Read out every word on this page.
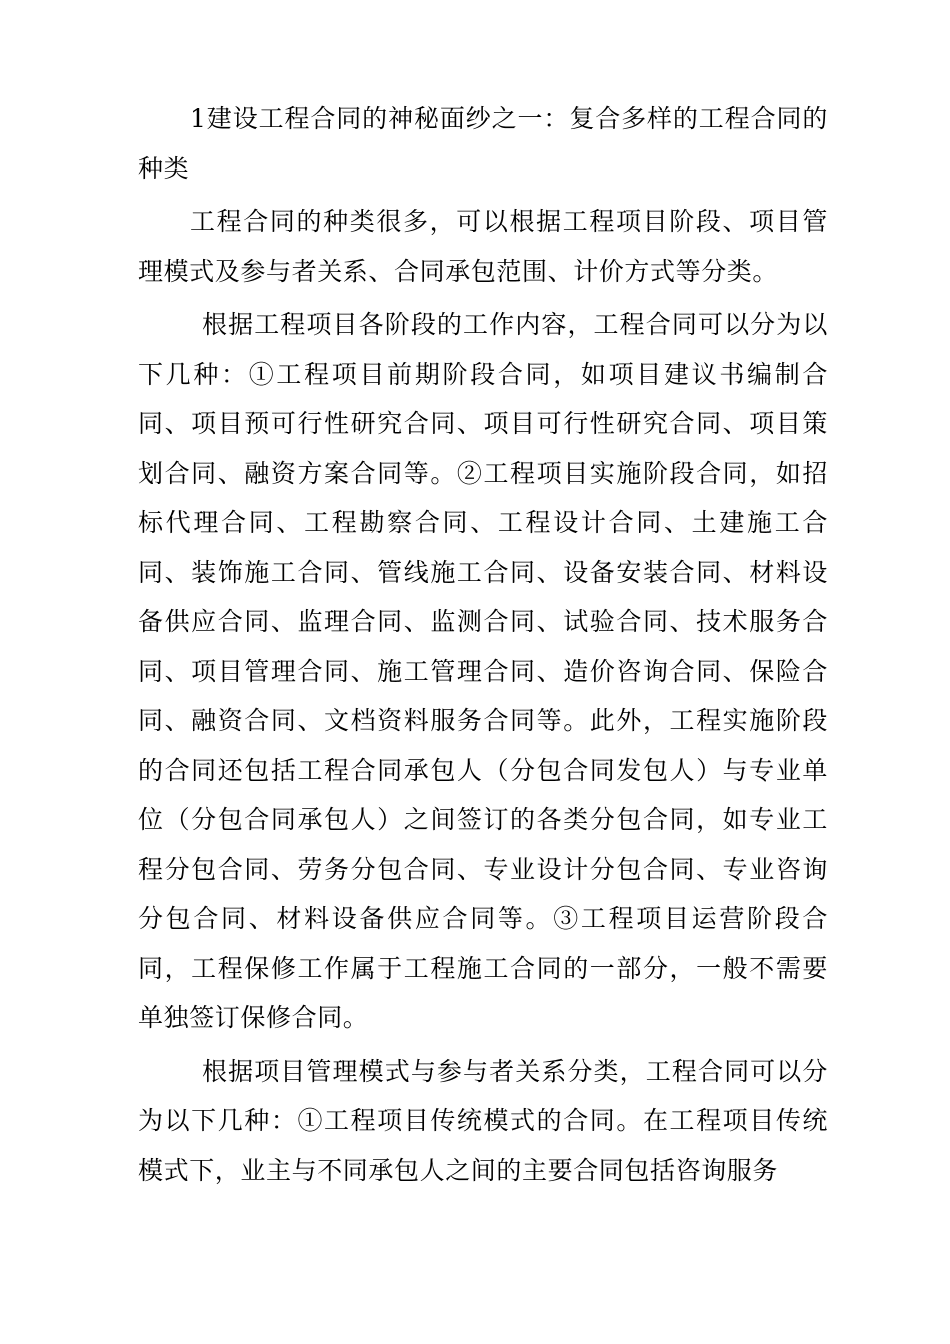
1建设工程合同的神秘面纱之一：复合多样的工程合同的种类

工程合同的种类很多，可以根据工程项目阶段、项目管理模式及参与者关系、合同承包范围、计价方式等分类。

根据工程项目各阶段的工作内容，工程合同可以分为以下几种：①工程项目前期阶段合同，如项目建议书编制合同、项目预可行性研究合同、项目可行性研究合同、项目策划合同、融资方案合同等。②工程项目实施阶段合同，如招标代理合同、工程勘察合同、工程设计合同、土建施工合同、装饰施工合同、管线施工合同、设备安装合同、材料设备供应合同、监理合同、监测合同、试验合同、技术服务合同、项目管理合同、施工管理合同、造价咨询合同、保险合同、融资合同、文档资料服务合同等。此外，工程实施阶段的合同还包括工程合同承包人（分包合同发包人）与专业单位（分包合同承包人）之间签订的各类分包合同，如专业工程分包合同、劳务分包合同、专业设计分包合同、专业咨询分包合同、材料设备供应合同等。③工程项目运营阶段合同，工程保修工作属于工程施工合同的一部分，一般不需要单独签订保修合同。

根据项目管理模式与参与者关系分类，工程合同可以分为以下几种：①工程项目传统模式的合同。在工程项目传统模式下，业主与不同承包人之间的主要合同包括咨询服务
